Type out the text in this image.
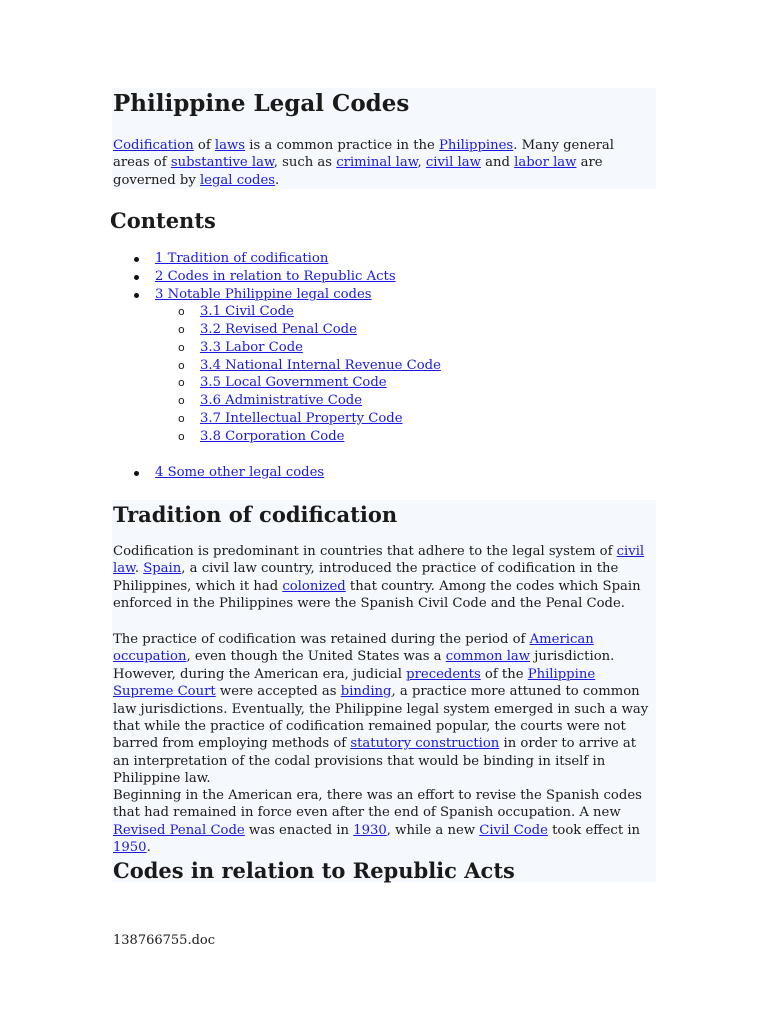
Philippine Legal Codes

Codification of laws is a common practice in the Philippines. Many general areas of substantive law, such as criminal law, civil law and labor law are governed by legal codes.

Contents
1 Tradition of codification
2 Codes in relation to Republic Acts
3 Notable Philippine legal codes
o 3.1 Civil Code
o 3.2 Revised Penal Code
o 3.3 Labor Code
o 3.4 National Internal Revenue Code
o 3.5 Local Government Code
o 3.6 Administrative Code
o 3.7 Intellectual Property Code
o 3.8 Corporation Code
4 Some other legal codes
Tradition of codification

Codification is predominant in countries that adhere to the legal system of civil law. Spain, a civil law country, introduced the practice of codification in the Philippines, which it had colonized that country. Among the codes which Spain enforced in the Philippines were the Spanish Civil Code and the Penal Code.

The practice of codification was retained during the period of American occupation, even though the United States was a common law jurisdiction. However, during the American era, judicial precedents of the Philippine Supreme Court were accepted as binding, a practice more attuned to common law jurisdictions. Eventually, the Philippine legal system emerged in such a way that while the practice of codification remained popular, the courts were not barred from employing methods of statutory construction in order to arrive at an interpretation of the codal provisions that would be binding in itself in Philippine law.

Beginning in the American era, there was an effort to revise the Spanish codes that had remained in force even after the end of Spanish occupation. A new Revised Penal Code was enacted in 1930, while a new Civil Code took effect in 1950.

Codes in relation to Republic Acts
138766755.doc
